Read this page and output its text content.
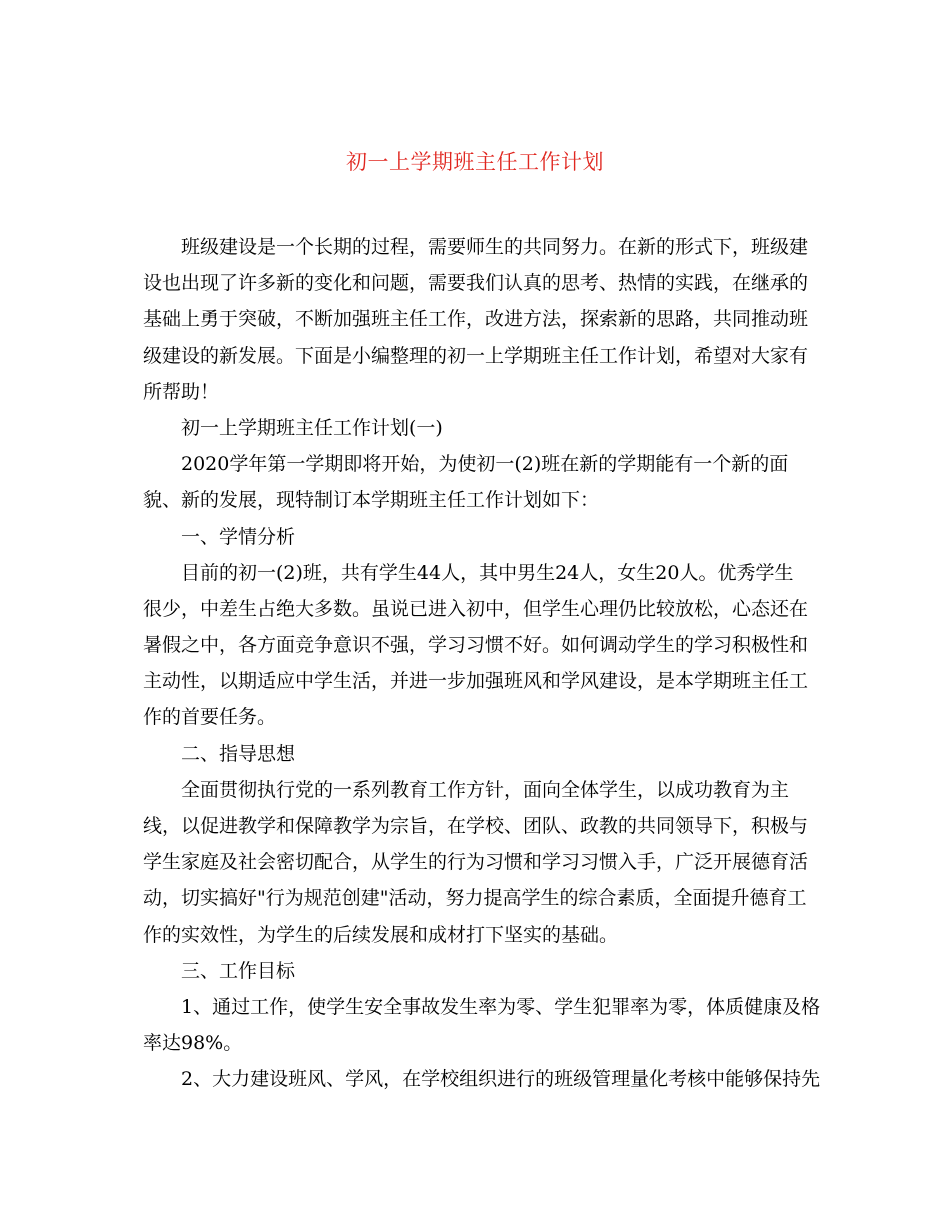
初一上学期班主任工作计划
班级建设是一个长期的过程，需要师生的共同努力。在新的形式下，班级建
设也出现了许多新的变化和问题，需要我们认真的思考、热情的实践，在继承的
基础上勇于突破，不断加强班主任工作，改进方法，探索新的思路，共同推动班
级建设的新发展。下面是小编整理的初一上学期班主任工作计划，希望对大家有
所帮助！
初一上学期班主任工作计划(一)
2020学年第一学期即将开始，为使初一(2)班在新的学期能有一个新的面
貌、新的发展，现特制订本学期班主任工作计划如下：
一、学情分析
目前的初一(2)班，共有学生44人，其中男生24人，女生20人。优秀学生
很少，中差生占绝大多数。虽说已进入初中，但学生心理仍比较放松，心态还在
暑假之中，各方面竞争意识不强，学习习惯不好。如何调动学生的学习积极性和
主动性，以期适应中学生活，并进一步加强班风和学风建设，是本学期班主任工
作的首要任务。
二、指导思想
全面贯彻执行党的一系列教育工作方针，面向全体学生，以成功教育为主
线，以促进教学和保障教学为宗旨，在学校、团队、政教的共同领导下，积极与
学生家庭及社会密切配合，从学生的行为习惯和学习习惯入手，广泛开展德育活
动，切实搞好"行为规范创建"活动，努力提高学生的综合素质，全面提升德育工
作的实效性，为学生的后续发展和成材打下坚实的基础。
三、工作目标
1、通过工作，使学生安全事故发生率为零、学生犯罪率为零，体质健康及格
率达98%。
2、大力建设班风、学风，在学校组织进行的班级管理量化考核中能够保持先
